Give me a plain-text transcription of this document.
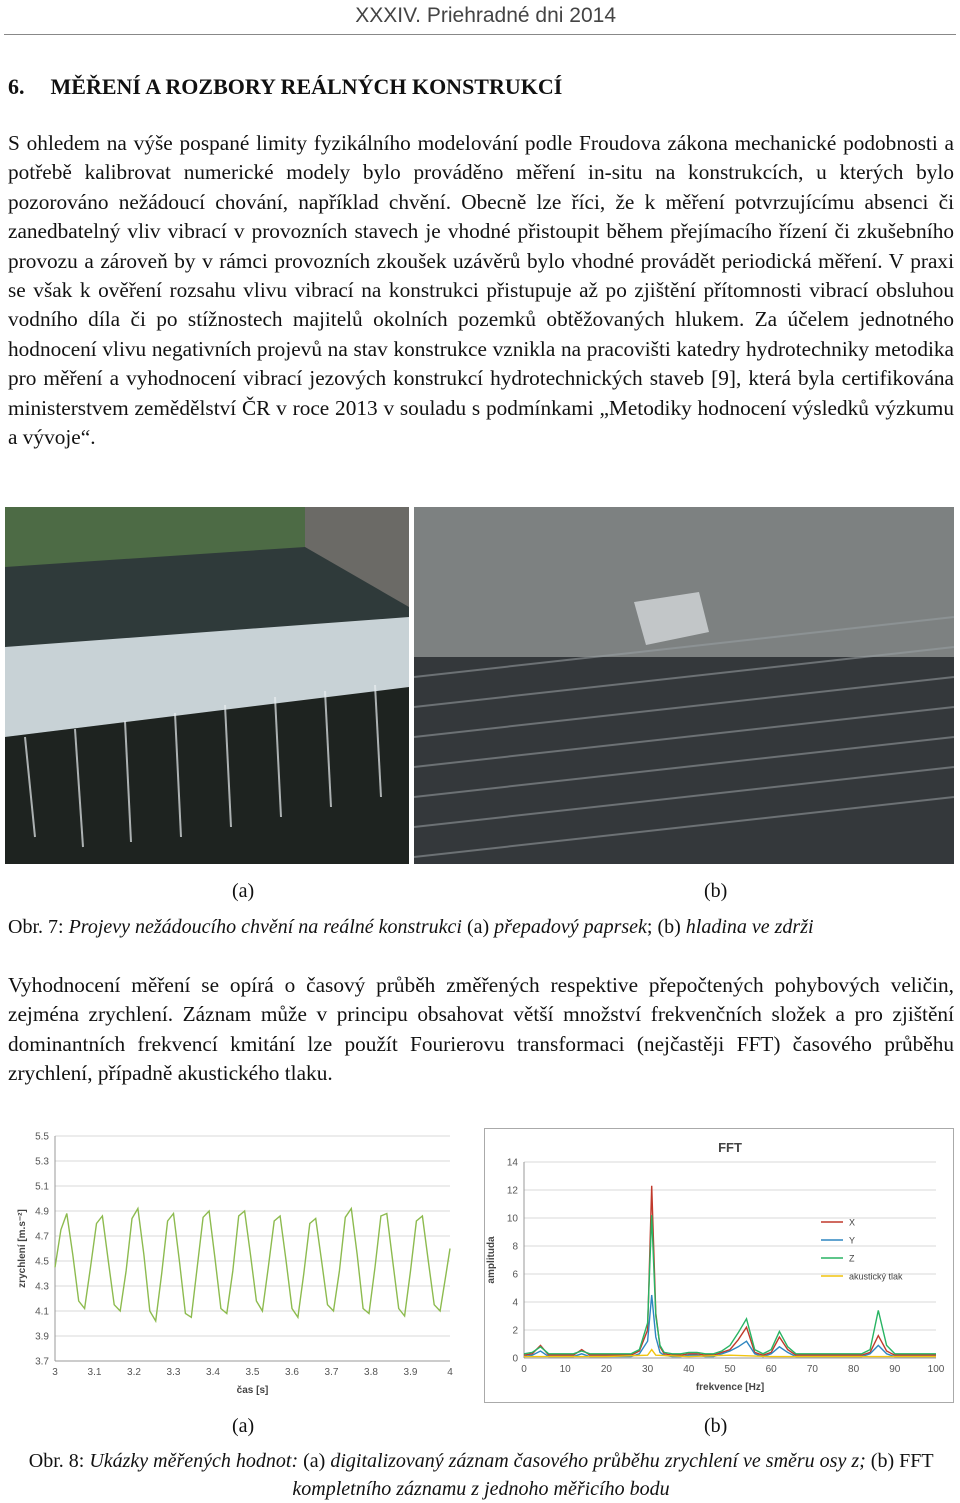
XXXIV. Priehradné dni 2014
6. MĚŘENÍ A ROZBORY REÁLNÝCH KONSTRUKCÍ
S ohledem na výše pospané limity fyzikálního modelování podle Froudova zákona mechanické podobnosti a potřebě kalibrovat numerické modely bylo prováděno měření in-situ na konstrukcích, u kterých bylo pozorováno nežádoucí chování, například chvění. Obecně lze říci, že k měření potvrzujícímu absenci či zanedbatelný vliv vibrací v provozních stavech je vhodné přistoupit během přejímacího řízení či zkušebního provozu a zároveň by v rámci provozních zkoušek uzávěrů bylo vhodné provádět periodická měření. V praxi se však k ověření rozsahu vlivu vibrací na konstrukci přistupuje až po zjištění přítomnosti vibrací obsluhou vodního díla či po stížnostech majitelů okolních pozemků obtěžovaných hlukem. Za účelem jednotného hodnocení vlivu negativních projevů na stav konstrukce vznikla na pracovišti katedry hydrotechniky metodika pro měření a vyhodnocení vibrací jezových konstrukcí hydrotechnických staveb [9], která byla certifikována ministerstvem zemědělství ČR v roce 2013 v souladu s podmínkami „Metodiky hodnocení výsledků výzkumu a vývoje“.
(a)	(b)
Obr. 7: Projevy nežádoucího chvění na reálné konstrukci (a) přepadový paprsek; (b) hladina ve zdrži
Vyhodnocení měření se opírá o časový průběh změřených respektive přepočtených pohybových veličin, zejména zrychlení. Záznam může v principu obsahovat větší množství frekvenčních složek a pro zjištění dominantních frekvencí kmitání lze použít Fourierovu transformaci (nejčastěji FFT) časového průběhu zrychlení, případně akustického tlaku.
3.7
3.9
4.1
4.3
4.5
4.7
4.9
5.1
5.3
5.5
3	3.1	3.2	3.3	3.4	3.5	3.6	3.7	3.8	3.9	4
čas [s]
zrychlení [m.s⁻²]
FFT
0
2
4
6
8
10
12
14
0	10	20	30	40	50	60	70	80	90	100
frekvence [Hz]
amplituda
X
Y
Z
akustický tlak
(a)	(b)
Obr. 8: Ukázky měřených hodnot: (a) digitalizovaný záznam časového průběhu zrychlení ve směru osy z; (b) FFT kompletního záznamu z jednoho měřicího bodu
